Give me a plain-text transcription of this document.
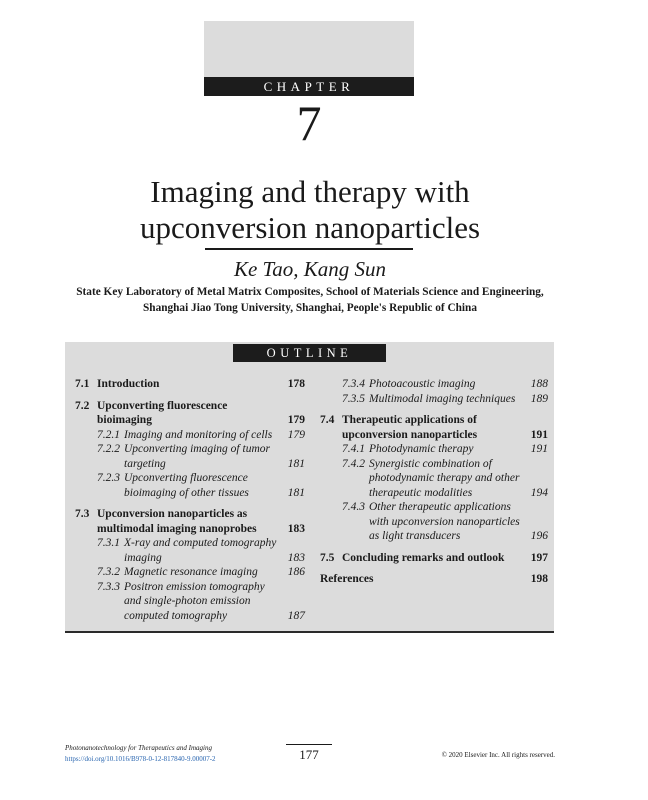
CHAPTER
7
Imaging and therapy with
upconversion nanoparticles
Ke Tao, Kang Sun
State Key Laboratory of Metal Matrix Composites, School of Materials Science and Engineering,
Shanghai Jiao Tong University, Shanghai, People's Republic of China
OUTLINE
7.1 Introduction	178
7.2 Upconverting fluorescence
bioimaging	179
7.2.1 Imaging and monitoring of cells	179
7.2.2 Upconverting imaging of tumor
targeting	181
7.2.3 Upconverting fluorescence
bioimaging of other tissues	181
7.3 Upconversion nanoparticles as
multimodal imaging nanoprobes	183
7.3.1 X-ray and computed tomography
imaging	183
7.3.2 Magnetic resonance imaging	186
7.3.3 Positron emission tomography
and single-photon emission
computed tomography	187
7.3.4 Photoacoustic imaging	188
7.3.5 Multimodal imaging techniques	189
7.4 Therapeutic applications of
upconversion nanoparticles	191
7.4.1 Photodynamic therapy	191
7.4.2 Synergistic combination of
photodynamic therapy and other
therapeutic modalities	194
7.4.3 Other therapeutic applications
with upconversion nanoparticles
as light transducers	196
7.5 Concluding remarks and outlook	197
References	198
Photonanotechnology for Therapeutics and Imaging
https://doi.org/10.1016/B978-0-12-817840-9.00007-2	177	© 2020 Elsevier Inc. All rights reserved.
